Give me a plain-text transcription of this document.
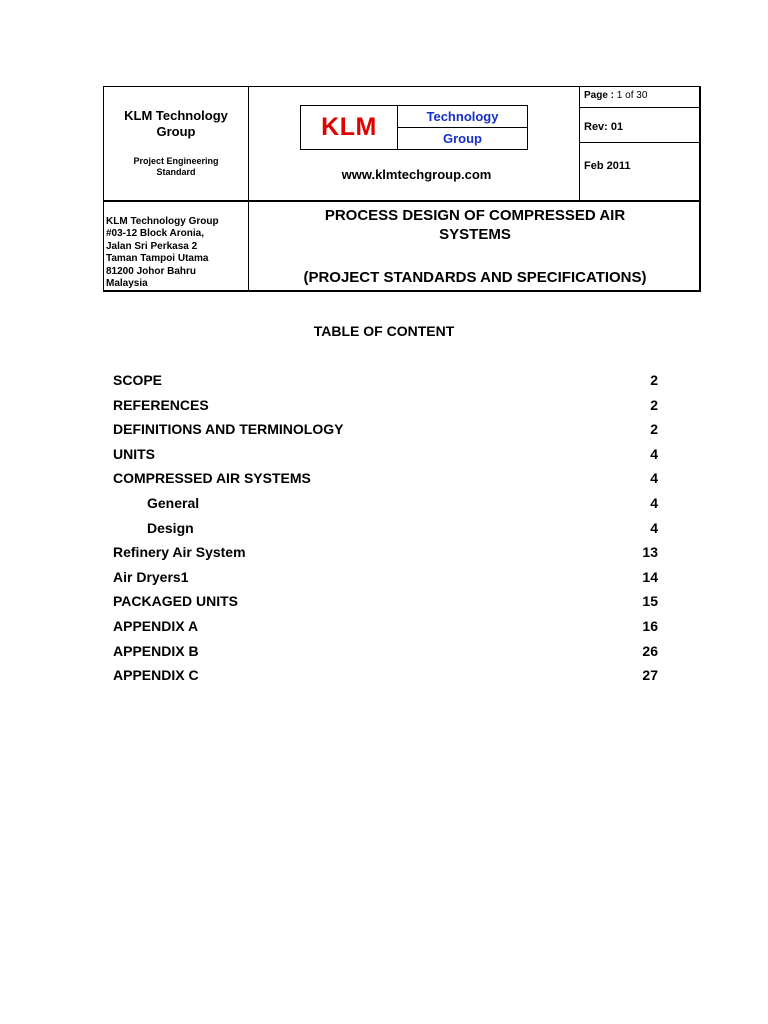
KLM Technology
Group
Project Engineering
Standard
KLM	Technology
Group
www.klmtechgroup.com
Page : 1 of 30
Rev: 01
Feb 2011
KLM Technology Group
#03-12 Block Aronia,
Jalan Sri Perkasa 2
Taman Tampoi Utama
81200 Johor Bahru
Malaysia
PROCESS DESIGN OF COMPRESSED AIR
SYSTEMS
(PROJECT STANDARDS AND SPECIFICATIONS)
TABLE OF CONTENT
SCOPE	2
REFERENCES	2
DEFINITIONS AND TERMINOLOGY	2
UNITS	4
COMPRESSED AIR SYSTEMS	4
General	4
Design	4
Refinery Air System	13
Air Dryers1	14
PACKAGED UNITS	15
APPENDIX A	16
APPENDIX B	26
APPENDIX C	27
